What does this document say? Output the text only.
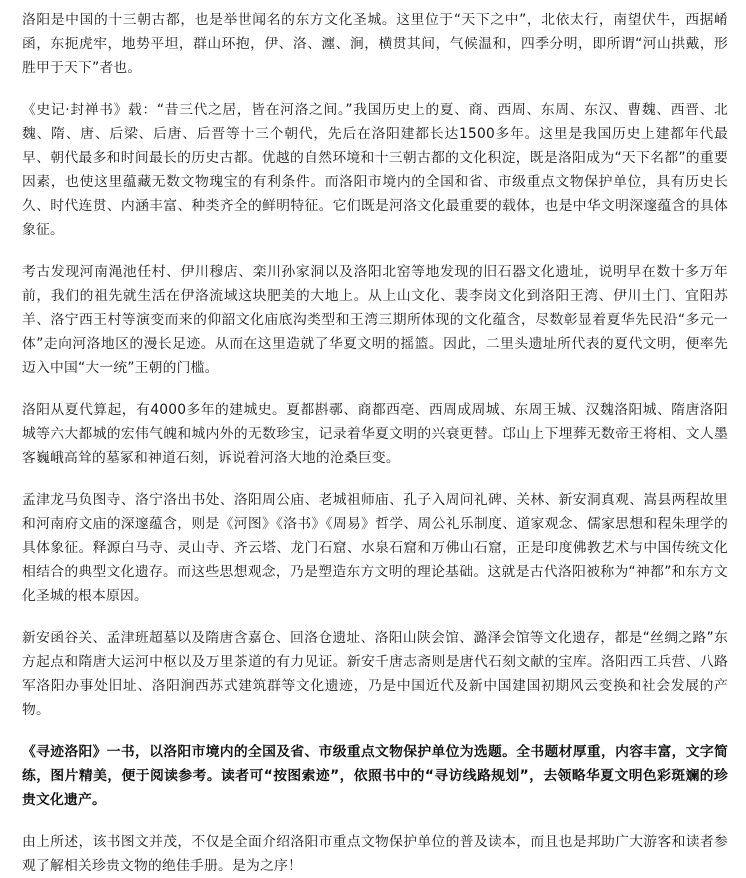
洛阳是中国的十三朝古都，也是举世闻名的东方文化圣城。这里位于“天下之中”，北依太行，南望伏牛，西据崤函，东扼虎牢，地势平坦，群山环抱，伊、洛、瀍、涧，横贯其间，气候温和，四季分明，即所谓“河山拱戴，形胜甲于天下”者也。

《史记·封禅书》载：“昔三代之居，皆在河洛之间。”我国历史上的夏、商、西周、东周、东汉、曹魏、西晋、北魏、隋、唐、后梁、后唐、后晋等十三个朝代，先后在洛阳建都长达1500多年。这里是我国历史上建都年代最早、朝代最多和时间最长的历史古都。优越的自然环境和十三朝古都的文化积淀，既是洛阳成为“天下名都”的重要因素，也使这里蕴藏无数文物瑰宝的有利条件。而洛阳市境内的全国和省、市级重点文物保护单位，具有历史长久、时代连贯、内涵丰富、种类齐全的鲜明特征。它们既是河洛文化最重要的载体，也是中华文明深邃蕴含的具体象征。

考古发现河南渑池任村、伊川穆店、栾川孙家洞以及洛阳北窑等地发现的旧石器文化遗址，说明早在数十多万年前，我们的祖先就生活在伊洛流域这块肥美的大地上。从上山文化、裴李岗文化到洛阳王湾、伊川土门、宜阳苏羊、洛宁西王村等演变而来的仰韶文化庙底沟类型和王湾三期所体现的文化蕴含，尽数彰显着夏华先民沿“多元一体”走向河洛地区的漫长足迹。从而在这里造就了华夏文明的摇篮。因此，二里头遗址所代表的夏代文明，便率先迈入中国“大一统”王朝的门槛。

洛阳从夏代算起，有4000多年的建城史。夏都斟鄩、商都西亳、西周成周城、东周王城、汉魏洛阳城、隋唐洛阳城等六大都城的宏伟气魄和城内外的无数珍宝，记录着华夏文明的兴衰更替。邙山上下埋葬无数帝王将相、文人墨客巍峨高耸的墓冢和神道石刻，诉说着河洛大地的沧桑巨变。

孟津龙马负图寺、洛宁洛出书处、洛阳周公庙、老城祖师庙、孔子入周问礼碑、关林、新安洞真观、嵩县两程故里和河南府文庙的深邃蕴含，则是《河图》《洛书》《周易》哲学、周公礼乐制度、道家观念、儒家思想和程朱理学的具体象征。释源白马寺、灵山寺、齐云塔、龙门石窟、水泉石窟和万佛山石窟，正是印度佛教艺术与中国传统文化相结合的典型文化遗存。而这些思想观念，乃是塑造东方文明的理论基础。这就是古代洛阳被称为“神都”和东方文化圣城的根本原因。

新安函谷关、孟津班超墓以及隋唐含嘉仓、回洛仓遗址、洛阳山陕会馆、潞泽会馆等文化遗存，都是“丝绸之路”东方起点和隋唐大运河中枢以及万里茶道的有力见证。新安千唐志斋则是唐代石刻文献的宝库。洛阳西工兵营、八路军洛阳办事处旧址、洛阳涧西苏式建筑群等文化遗迹，乃是中国近代及新中国建国初期风云变换和社会发展的产物。

《寻迹洛阳》一书，以洛阳市境内的全国及省、市级重点文物保护单位为选题。全书题材厚重，内容丰富，文字简练，图片精美，便于阅读参考。读者可“按图索迹”，依照书中的“寻访线路规划”，去领略华夏文明色彩斑斓的珍贵文化遗产。

由上所述，该书图文并茂，不仅是全面介绍洛阳市重点文物保护单位的普及读本，而且也是邦助广大游客和读者参观了解相关珍贵文物的绝佳手册。是为之序！
